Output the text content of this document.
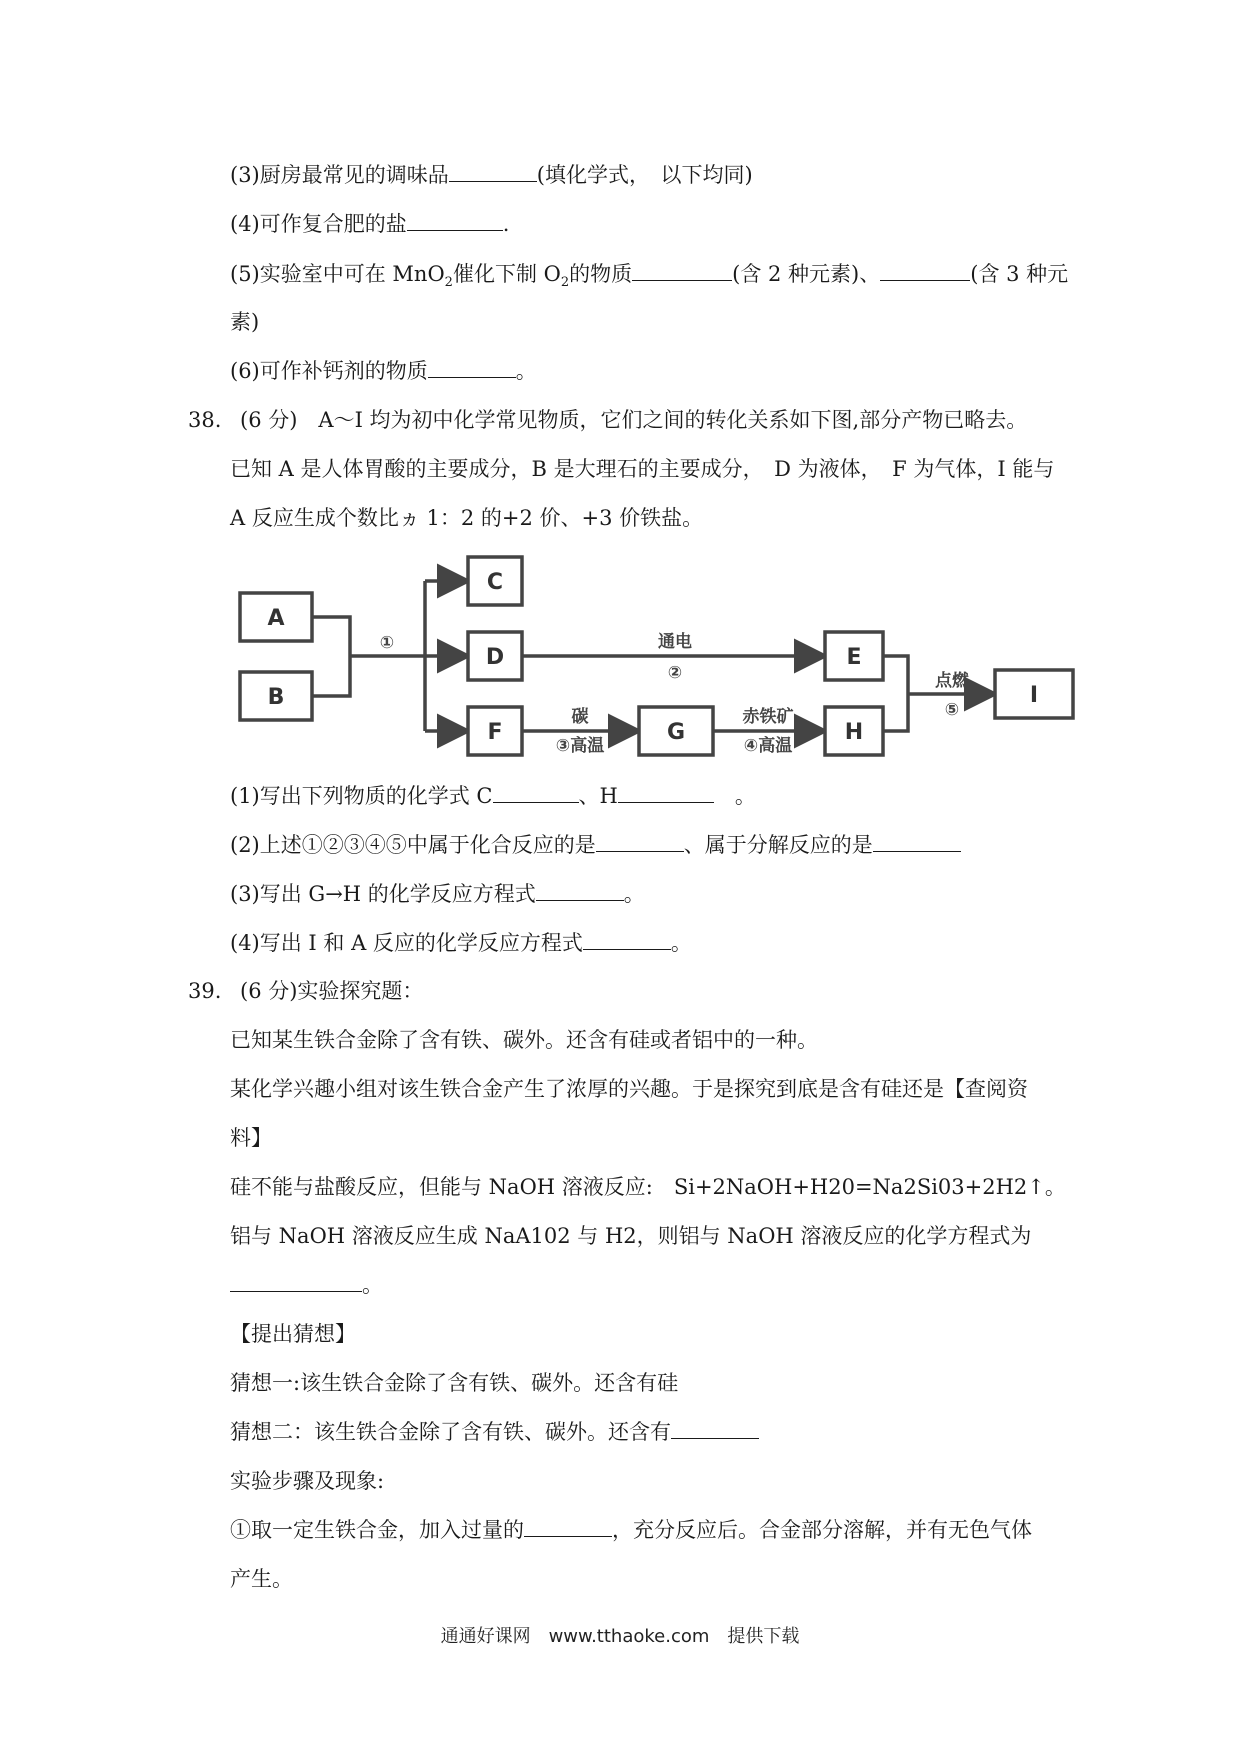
(3)厨房最常见的调味品	(填化学式，　以下均同)
(4)可作复合肥的盐	.
(5)实验室中可在 MnO$_2$催化下制 $O_2$的物质	(含 2 种元素)、	(含 3 种元
素)
(6)可作补钙剂的物质	。
38. (6 分)　A～I 均为初中化学常见物质，它们之间的转化关系如下图,部分产物已略去。
已知 A 是人体胃酸的主要成分，B 是大理石的主要成分，　D 为液体，　F 为气体，I 能与
A 反应生成个数比ヵ 1：2 的+2 价、+3 价铁盐。
A
B
①
C
D
F
通电
②
碳
③高温
G
赤铁矿
④高温
E
H
点燃
⑤
I
(1)写出下列物质的化学式 C	、H　	。
(2)上述①②③④⑤中属于化合反应的是	、属于分解反应的是
(3)写出 G→H 的化学反应方程式	。
(4)写出 I 和 A 反应的化学反应方程式	。
39. (6 分)实验探究题：
已知某生铁合金除了含有铁、碳外。还含有硅或者铝中的一种。
某化学兴趣小组对该生铁合金产生了浓厚的兴趣。于是探究到底是含有硅还是【查阅资
料】
硅不能与盐酸反应，但能与 NaOH 溶液反应:　Si+2NaOH+H20=Na2Si03+2H2↑。
铝与 NaOH 溶液反应生成 NaA102 与 H2，则铝与 NaOH 溶液反应的化学方程式为
。
【提出猜想】
猜想一:该生铁合金除了含有铁、碳外。还含有硅
猜想二：该生铁合金除了含有铁、碳外。还含有
实验步骤及现象:
①取一定生铁合金，加入过量的	，充分反应后。合金部分溶解，并有无色气体
产生。
通通好课网　www.tthaoke.com　提供下载
